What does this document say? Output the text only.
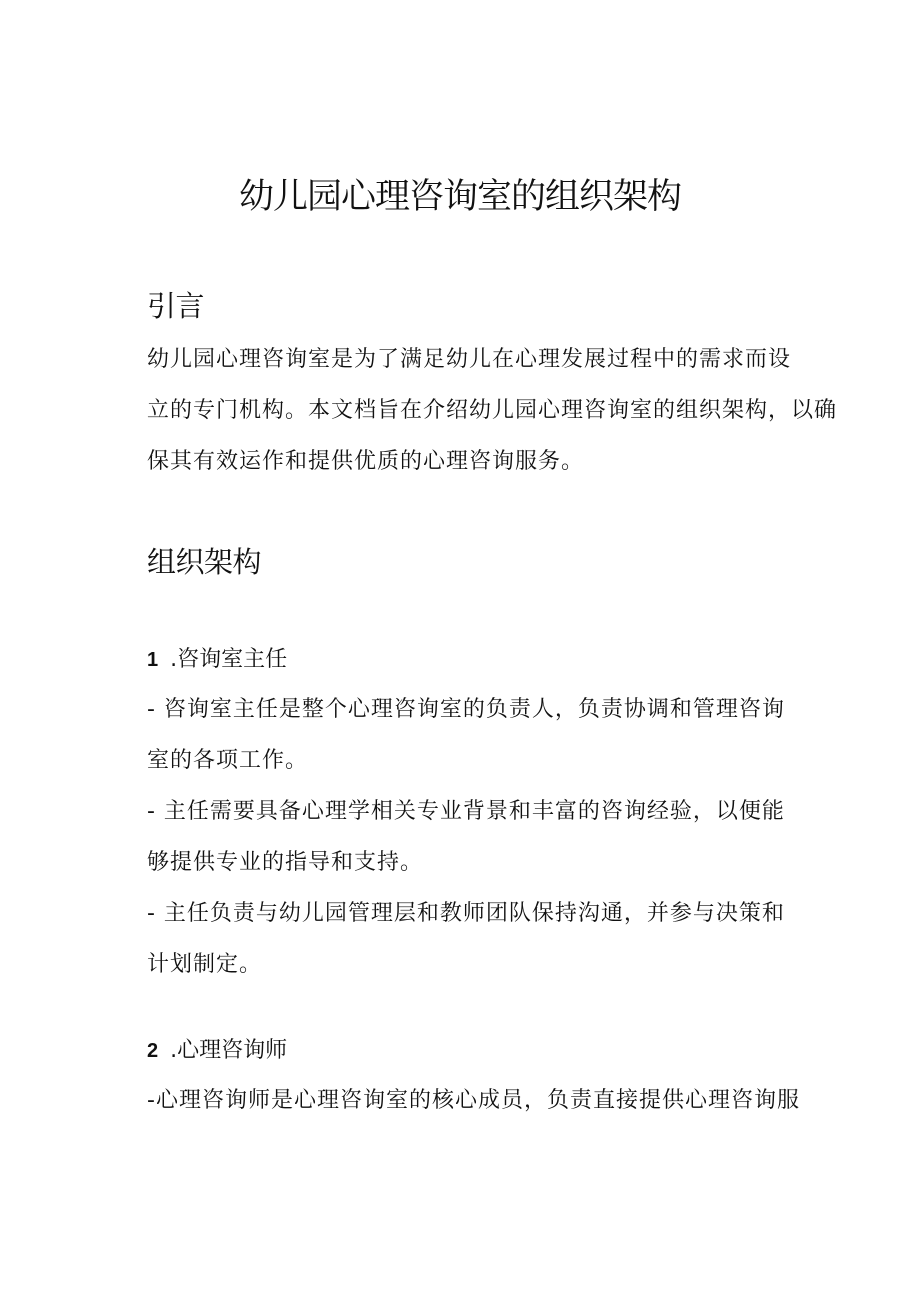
幼儿园心理咨询室的组织架构
引言
幼儿园心理咨询室是为了满足幼儿在心理发展过程中的需求而设
立的专门机构。本文档旨在介绍幼儿园心理咨询室的组织架构，以确
保其有效运作和提供优质的心理咨询服务。
组织架构
1 .咨询室主任
- 咨询室主任是整个心理咨询室的负责人，负责协调和管理咨询
室的各项工作。
- 主任需要具备心理学相关专业背景和丰富的咨询经验，以便能
够提供专业的指导和支持。
- 主任负责与幼儿园管理层和教师团队保持沟通，并参与决策和
计划制定。
2 .心理咨询师
-心理咨询师是心理咨询室的核心成员，负责直接提供心理咨询服
